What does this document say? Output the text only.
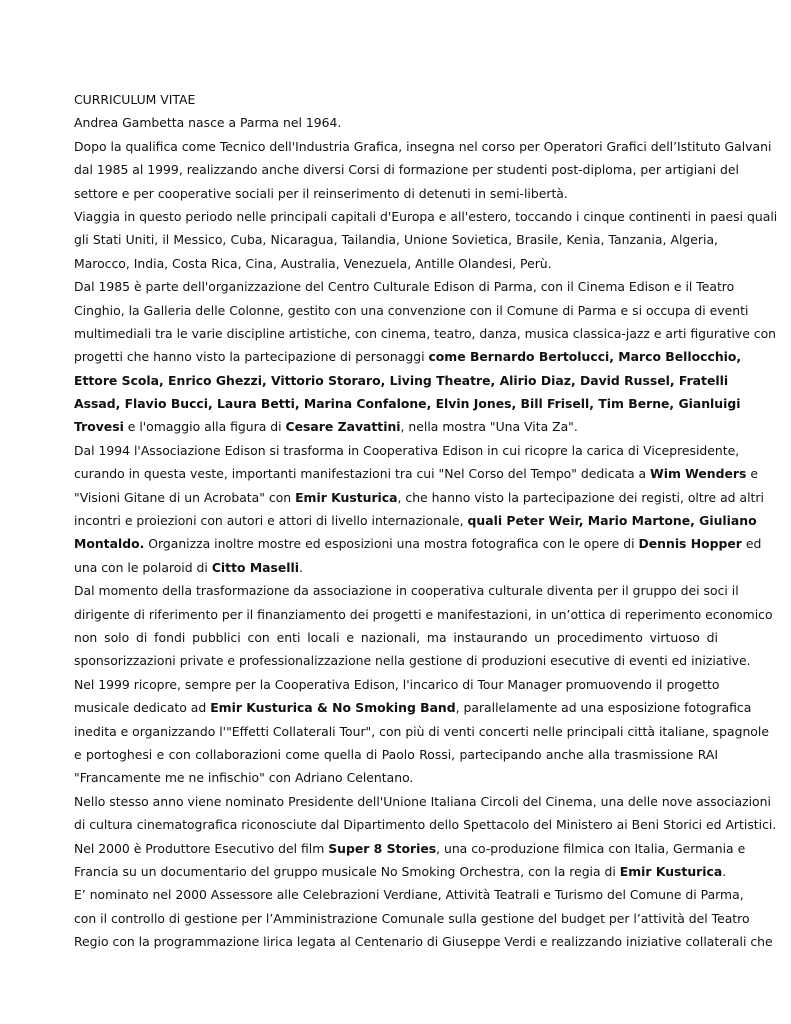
CURRICULUM VITAE
Andrea Gambetta nasce a Parma nel 1964.
Dopo la qualifica come Tecnico dell'Industria Grafica, insegna nel corso per Operatori Grafici dell’Istituto Galvani
dal 1985 al 1999, realizzando anche diversi Corsi di formazione per studenti post-diploma, per artigiani del
settore e per cooperative sociali per il reinserimento di detenuti in semi-libertà.
Viaggia in questo periodo nelle principali capitali d'Europa e all'estero, toccando i cinque continenti in paesi quali
gli Stati Uniti, il Messico, Cuba, Nicaragua, Tailandia, Unione Sovietica, Brasile, Kenia, Tanzania, Algeria,
Marocco, India, Costa Rica, Cina, Australia, Venezuela, Antille Olandesi, Perù.
Dal 1985 è parte dell'organizzazione del Centro Culturale Edison di Parma, con il Cinema Edison e il Teatro
Cinghio, la Galleria delle Colonne, gestito con una convenzione con il Comune di Parma e si occupa di eventi
multimediali tra le varie discipline artistiche, con cinema, teatro, danza, musica classica-jazz e arti figurative con
progetti che hanno visto la partecipazione di personaggi come Bernardo Bertolucci, Marco Bellocchio,
Ettore Scola, Enrico Ghezzi, Vittorio Storaro, Living Theatre, Alirio Diaz, David Russel, Fratelli
Assad, Flavio Bucci, Laura Betti, Marina Confalone, Elvin Jones, Bill Frisell, Tim Berne, Gianluigi
Trovesi e l'omaggio alla figura di Cesare Zavattini, nella mostra "Una Vita Za".
Dal 1994 l'Associazione Edison si trasforma in Cooperativa Edison in cui ricopre la carica di Vicepresidente,
curando in questa veste, importanti manifestazioni tra cui "Nel Corso del Tempo" dedicata a Wim Wenders e
"Visioni Gitane di un Acrobata" con Emir Kusturica, che hanno visto la partecipazione dei registi, oltre ad altri
incontri e proiezioni con autori e attori di livello internazionale, quali Peter Weir, Mario Martone, Giuliano
Montaldo. Organizza inoltre mostre ed esposizioni una mostra fotografica con le opere di Dennis Hopper ed
una con le polaroid di Citto Maselli.
Dal momento della trasformazione da associazione in cooperativa culturale diventa per il gruppo dei soci il
dirigente di riferimento per il finanziamento dei progetti e manifestazioni, in un’ottica di reperimento economico
non solo di fondi pubblici con enti locali e nazionali, ma instaurando un procedimento virtuoso di
sponsorizzazioni private e professionalizzazione nella gestione di produzioni esecutive di eventi ed iniziative.
Nel 1999 ricopre, sempre per la Cooperativa Edison, l'incarico di Tour Manager promuovendo il progetto
musicale dedicato ad Emir Kusturica & No Smoking Band, parallelamente ad una esposizione fotografica
inedita e organizzando l'"Effetti Collaterali Tour", con più di venti concerti nelle principali città italiane, spagnole
e portoghesi e con collaborazioni come quella di Paolo Rossi, partecipando anche alla trasmissione RAI
"Francamente me ne infischio" con Adriano Celentano.
Nello stesso anno viene nominato Presidente dell'Unione Italiana Circoli del Cinema, una delle nove associazioni
di cultura cinematografica riconosciute dal Dipartimento dello Spettacolo del Ministero ai Beni Storici ed Artistici.
Nel 2000 è Produttore Esecutivo del film Super 8 Stories, una co-produzione filmica con Italia, Germania e
Francia su un documentario del gruppo musicale No Smoking Orchestra, con la regia di Emir Kusturica.
E’ nominato nel 2000 Assessore alle Celebrazioni Verdiane, Attività Teatrali e Turismo del Comune di Parma,
con il controllo di gestione per l’Amministrazione Comunale sulla gestione del budget per l’attività del Teatro
Regio con la programmazione lirica legata al Centenario di Giuseppe Verdi e realizzando iniziative collaterali che
